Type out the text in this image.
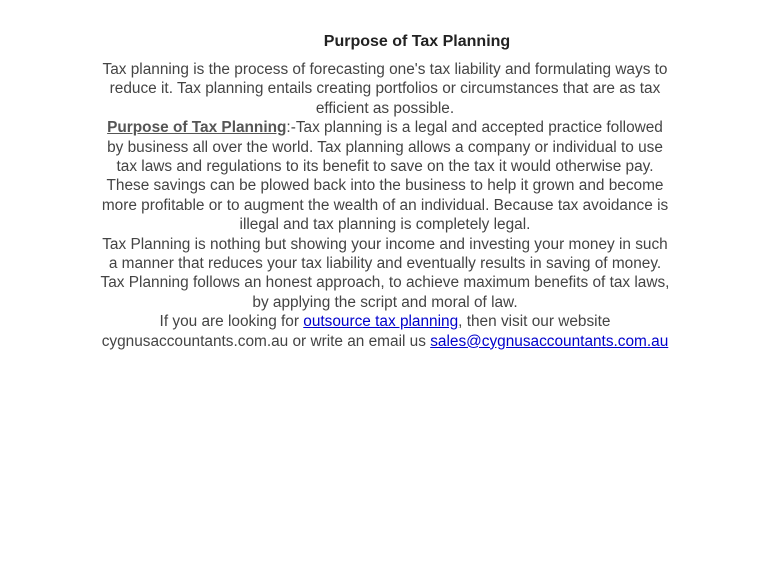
Purpose of Tax Planning

Tax planning is the process of forecasting one's tax liability and formulating ways to reduce it. Tax planning entails creating portfolios or circumstances that are as tax efficient as possible.

Purpose of Tax Planning:-Tax planning is a legal and accepted practice followed by business all over the world. Tax planning allows a company or individual to use tax laws and regulations to its benefit to save on the tax it would otherwise pay. These savings can be plowed back into the business to help it grown and become more profitable or to augment the wealth of an individual. Because tax avoidance is illegal and tax planning is completely legal.

Tax Planning is nothing but showing your income and investing your money in such a manner that reduces your tax liability and eventually results in saving of money. Tax Planning follows an honest approach, to achieve maximum benefits of tax laws, by applying the script and moral of law.

If you are looking for outsource tax planning, then visit our website cygnusaccountants.com.au or write an email us sales@cygnusaccountants.com.au
